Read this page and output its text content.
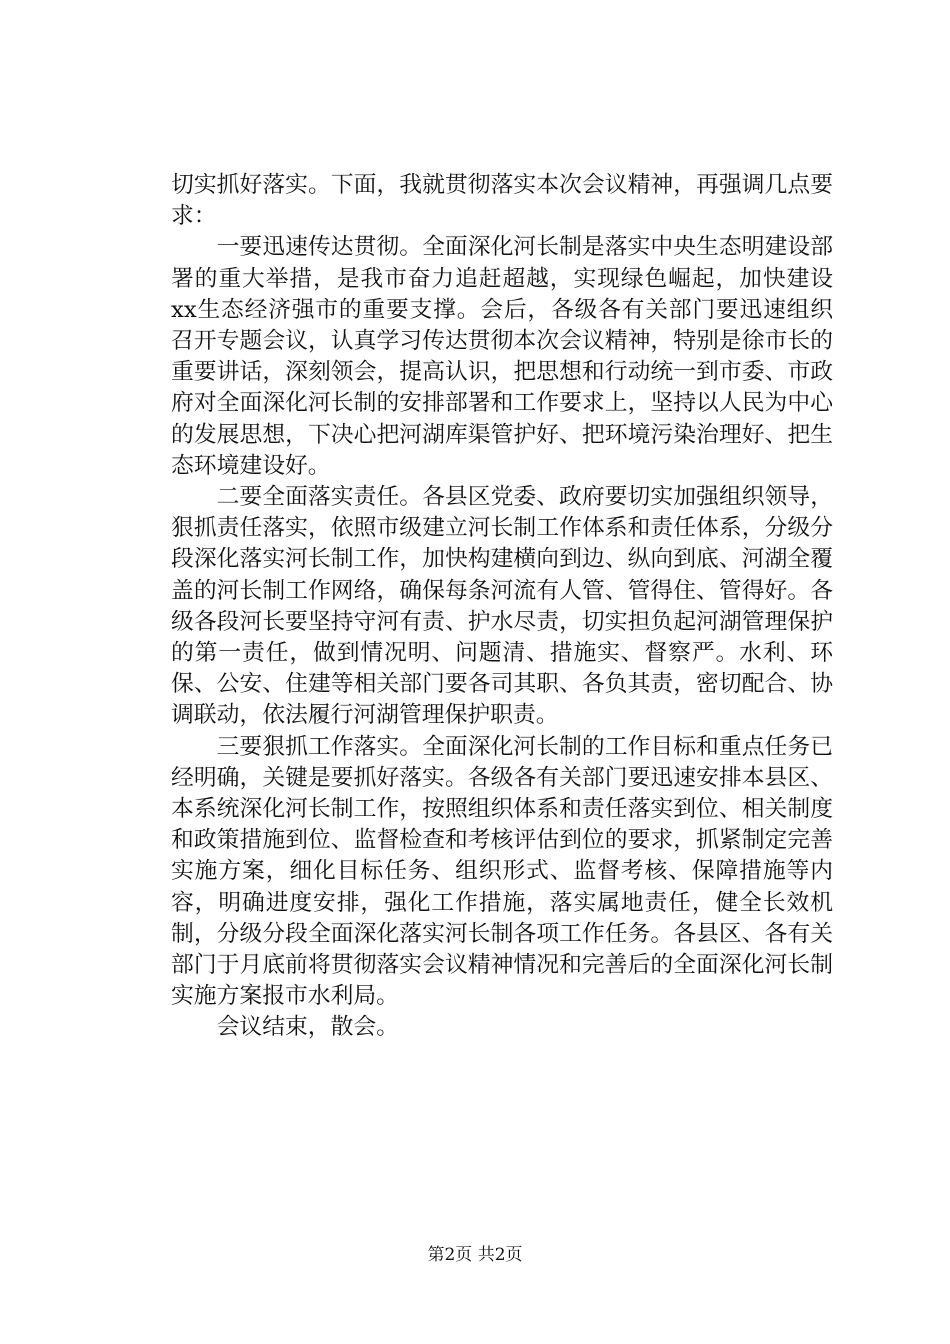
切实抓好落实。下面，我就贯彻落实本次会议精神，再强调几点要求：

一要迅速传达贯彻。全面深化河长制是落实中央生态明建设部署的重大举措，是我市奋力追赶超越，实现绿色崛起，加快建设xx生态经济强市的重要支撑。会后，各级各有关部门要迅速组织召开专题会议，认真学习传达贯彻本次会议精神，特别是徐市长的重要讲话，深刻领会，提高认识，把思想和行动统一到市委、市政府对全面深化河长制的安排部署和工作要求上，坚持以人民为中心的发展思想，下决心把河湖库渠管护好、把环境污染治理好、把生态环境建设好。

二要全面落实责任。各县区党委、政府要切实加强组织领导，狠抓责任落实，依照市级建立河长制工作体系和责任体系，分级分段深化落实河长制工作，加快构建横向到边、纵向到底、河湖全覆盖的河长制工作网络，确保每条河流有人管、管得住、管得好。各级各段河长要坚持守河有责、护水尽责，切实担负起河湖管理保护的第一责任，做到情况明、问题清、措施实、督察严。水利、环保、公安、住建等相关部门要各司其职、各负其责，密切配合、协调联动，依法履行河湖管理保护职责。

三要狠抓工作落实。全面深化河长制的工作目标和重点任务已经明确，关键是要抓好落实。各级各有关部门要迅速安排本县区、本系统深化河长制工作，按照组织体系和责任落实到位、相关制度和政策措施到位、监督检查和考核评估到位的要求，抓紧制定完善实施方案，细化目标任务、组织形式、监督考核、保障措施等内容，明确进度安排，强化工作措施，落实属地责任，健全长效机制，分级分段全面深化落实河长制各项工作任务。各县区、各有关部门于月底前将贯彻落实会议精神情况和完善后的全面深化河长制实施方案报市水利局。

会议结束，散会。

第2页 共2页
